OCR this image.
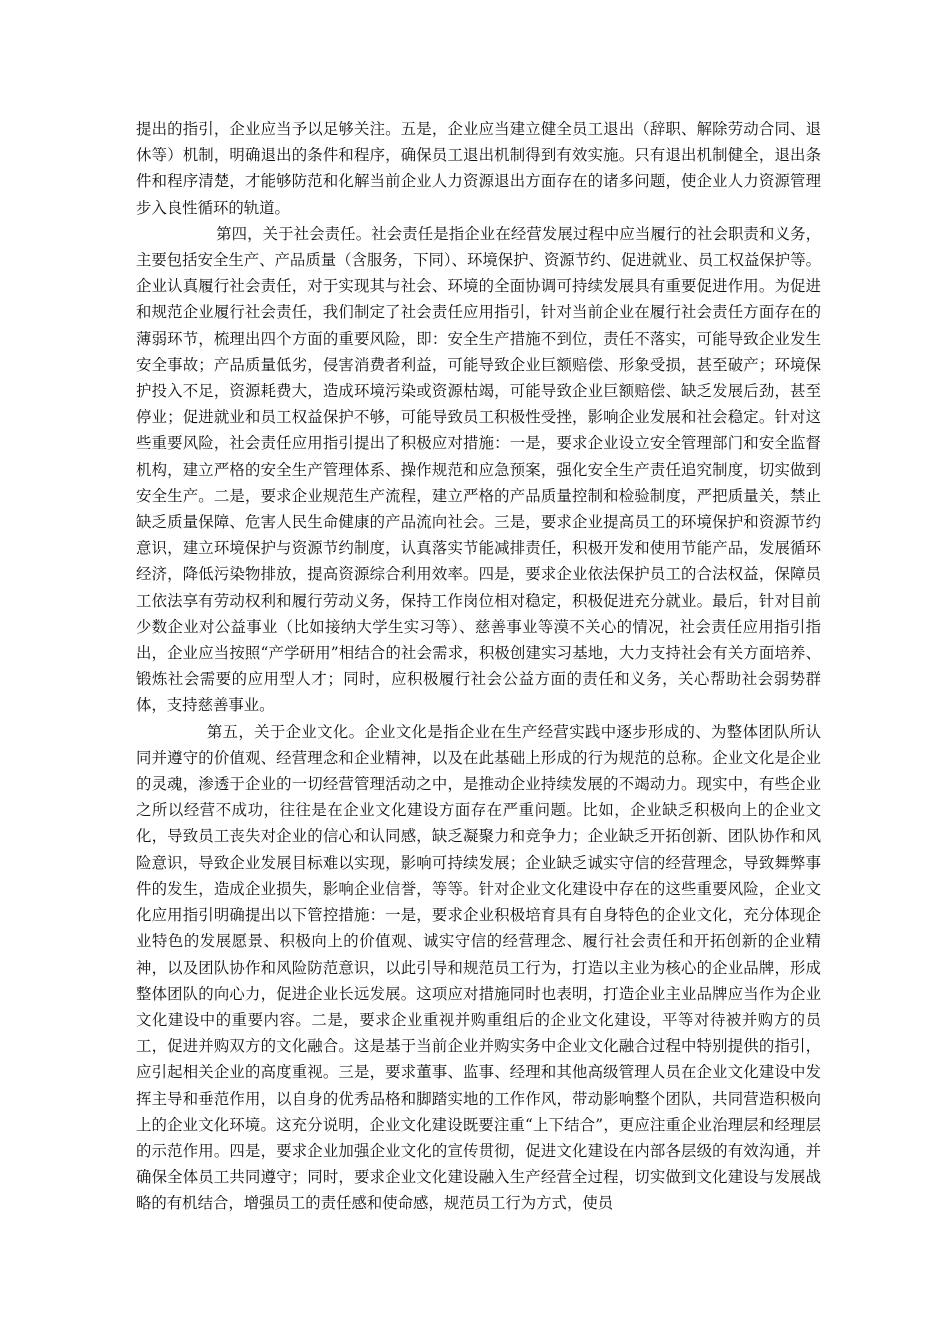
提出的指引，企业应当予以足够关注。五是，企业应当建立健全员工退出（辞职、解除劳动合同、退休等）机制，明确退出的条件和程序，确保员工退出机制得到有效实施。只有退出机制健全，退出条件和程序清楚，才能够防范和化解当前企业人力资源退出方面存在的诸多问题，使企业人力资源管理步入良性循环的轨道。

第四，关于社会责任。社会责任是指企业在经营发展过程中应当履行的社会职责和义务，主要包括安全生产、产品质量（含服务，下同）、环境保护、资源节约、促进就业、员工权益保护等。企业认真履行社会责任，对于实现其与社会、环境的全面协调可持续发展具有重要促进作用。为促进和规范企业履行社会责任，我们制定了社会责任应用指引，针对当前企业在履行社会责任方面存在的薄弱环节，梳理出四个方面的重要风险，即：安全生产措施不到位，责任不落实，可能导致企业发生安全事故；产品质量低劣，侵害消费者利益，可能导致企业巨额赔偿、形象受损，甚至破产；环境保护投入不足，资源耗费大，造成环境污染或资源枯竭，可能导致企业巨额赔偿、缺乏发展后劲，甚至停业；促进就业和员工权益保护不够，可能导致员工积极性受挫，影响企业发展和社会稳定。针对这些重要风险，社会责任应用指引提出了积极应对措施：一是，要求企业设立安全管理部门和安全监督机构，建立严格的安全生产管理体系、操作规范和应急预案，强化安全生产责任追究制度，切实做到安全生产。二是，要求企业规范生产流程，建立严格的产品质量控制和检验制度，严把质量关，禁止缺乏质量保障、危害人民生命健康的产品流向社会。三是，要求企业提高员工的环境保护和资源节约意识，建立环境保护与资源节约制度，认真落实节能减排责任，积极开发和使用节能产品，发展循环经济，降低污染物排放，提高资源综合利用效率。四是，要求企业依法保护员工的合法权益，保障员工依法享有劳动权利和履行劳动义务，保持工作岗位相对稳定，积极促进充分就业。最后，针对目前少数企业对公益事业（比如接纳大学生实习等）、慈善事业等漠不关心的情况，社会责任应用指引指出，企业应当按照“产学研用”相结合的社会需求，积极创建实习基地，大力支持社会有关方面培养、锻炼社会需要的应用型人才；同时，应积极履行社会公益方面的责任和义务，关心帮助社会弱势群体，支持慈善事业。

第五，关于企业文化。企业文化是指企业在生产经营实践中逐步形成的、为整体团队所认同并遵守的价值观、经营理念和企业精神，以及在此基础上形成的行为规范的总称。企业文化是企业的灵魂，渗透于企业的一切经营管理活动之中，是推动企业持续发展的不竭动力。现实中，有些企业之所以经营不成功，往往是在企业文化建设方面存在严重问题。比如，企业缺乏积极向上的企业文化，导致员工丧失对企业的信心和认同感，缺乏凝聚力和竞争力；企业缺乏开拓创新、团队协作和风险意识，导致企业发展目标难以实现，影响可持续发展；企业缺乏诚实守信的经营理念，导致舞弊事件的发生，造成企业损失，影响企业信誉，等等。针对企业文化建设中存在的这些重要风险，企业文化应用指引明确提出以下管控措施：一是，要求企业积极培育具有自身特色的企业文化，充分体现企业特色的发展愿景、积极向上的价值观、诚实守信的经营理念、履行社会责任和开拓创新的企业精神，以及团队协作和风险防范意识，以此引导和规范员工行为，打造以主业为核心的企业品牌，形成整体团队的向心力，促进企业长远发展。这项应对措施同时也表明，打造企业主业品牌应当作为企业文化建设中的重要内容。二是，要求企业重视并购重组后的企业文化建设，平等对待被并购方的员工，促进并购双方的文化融合。这是基于当前企业并购实务中企业文化融合过程中特别提供的指引，应引起相关企业的高度重视。三是，要求董事、监事、经理和其他高级管理人员在企业文化建设中发挥主导和垂范作用，以自身的优秀品格和脚踏实地的工作作风，带动影响整个团队，共同营造积极向上的企业文化环境。这充分说明，企业文化建设既要注重“上下结合”，更应注重企业治理层和经理层的示范作用。四是，要求企业加强企业文化的宣传贯彻，促进文化建设在内部各层级的有效沟通，并确保全体员工共同遵守；同时，要求企业文化建设融入生产经营全过程，切实做到文化建设与发展战略的有机结合，增强员工的责任感和使命感，规范员工行为方式，使员
